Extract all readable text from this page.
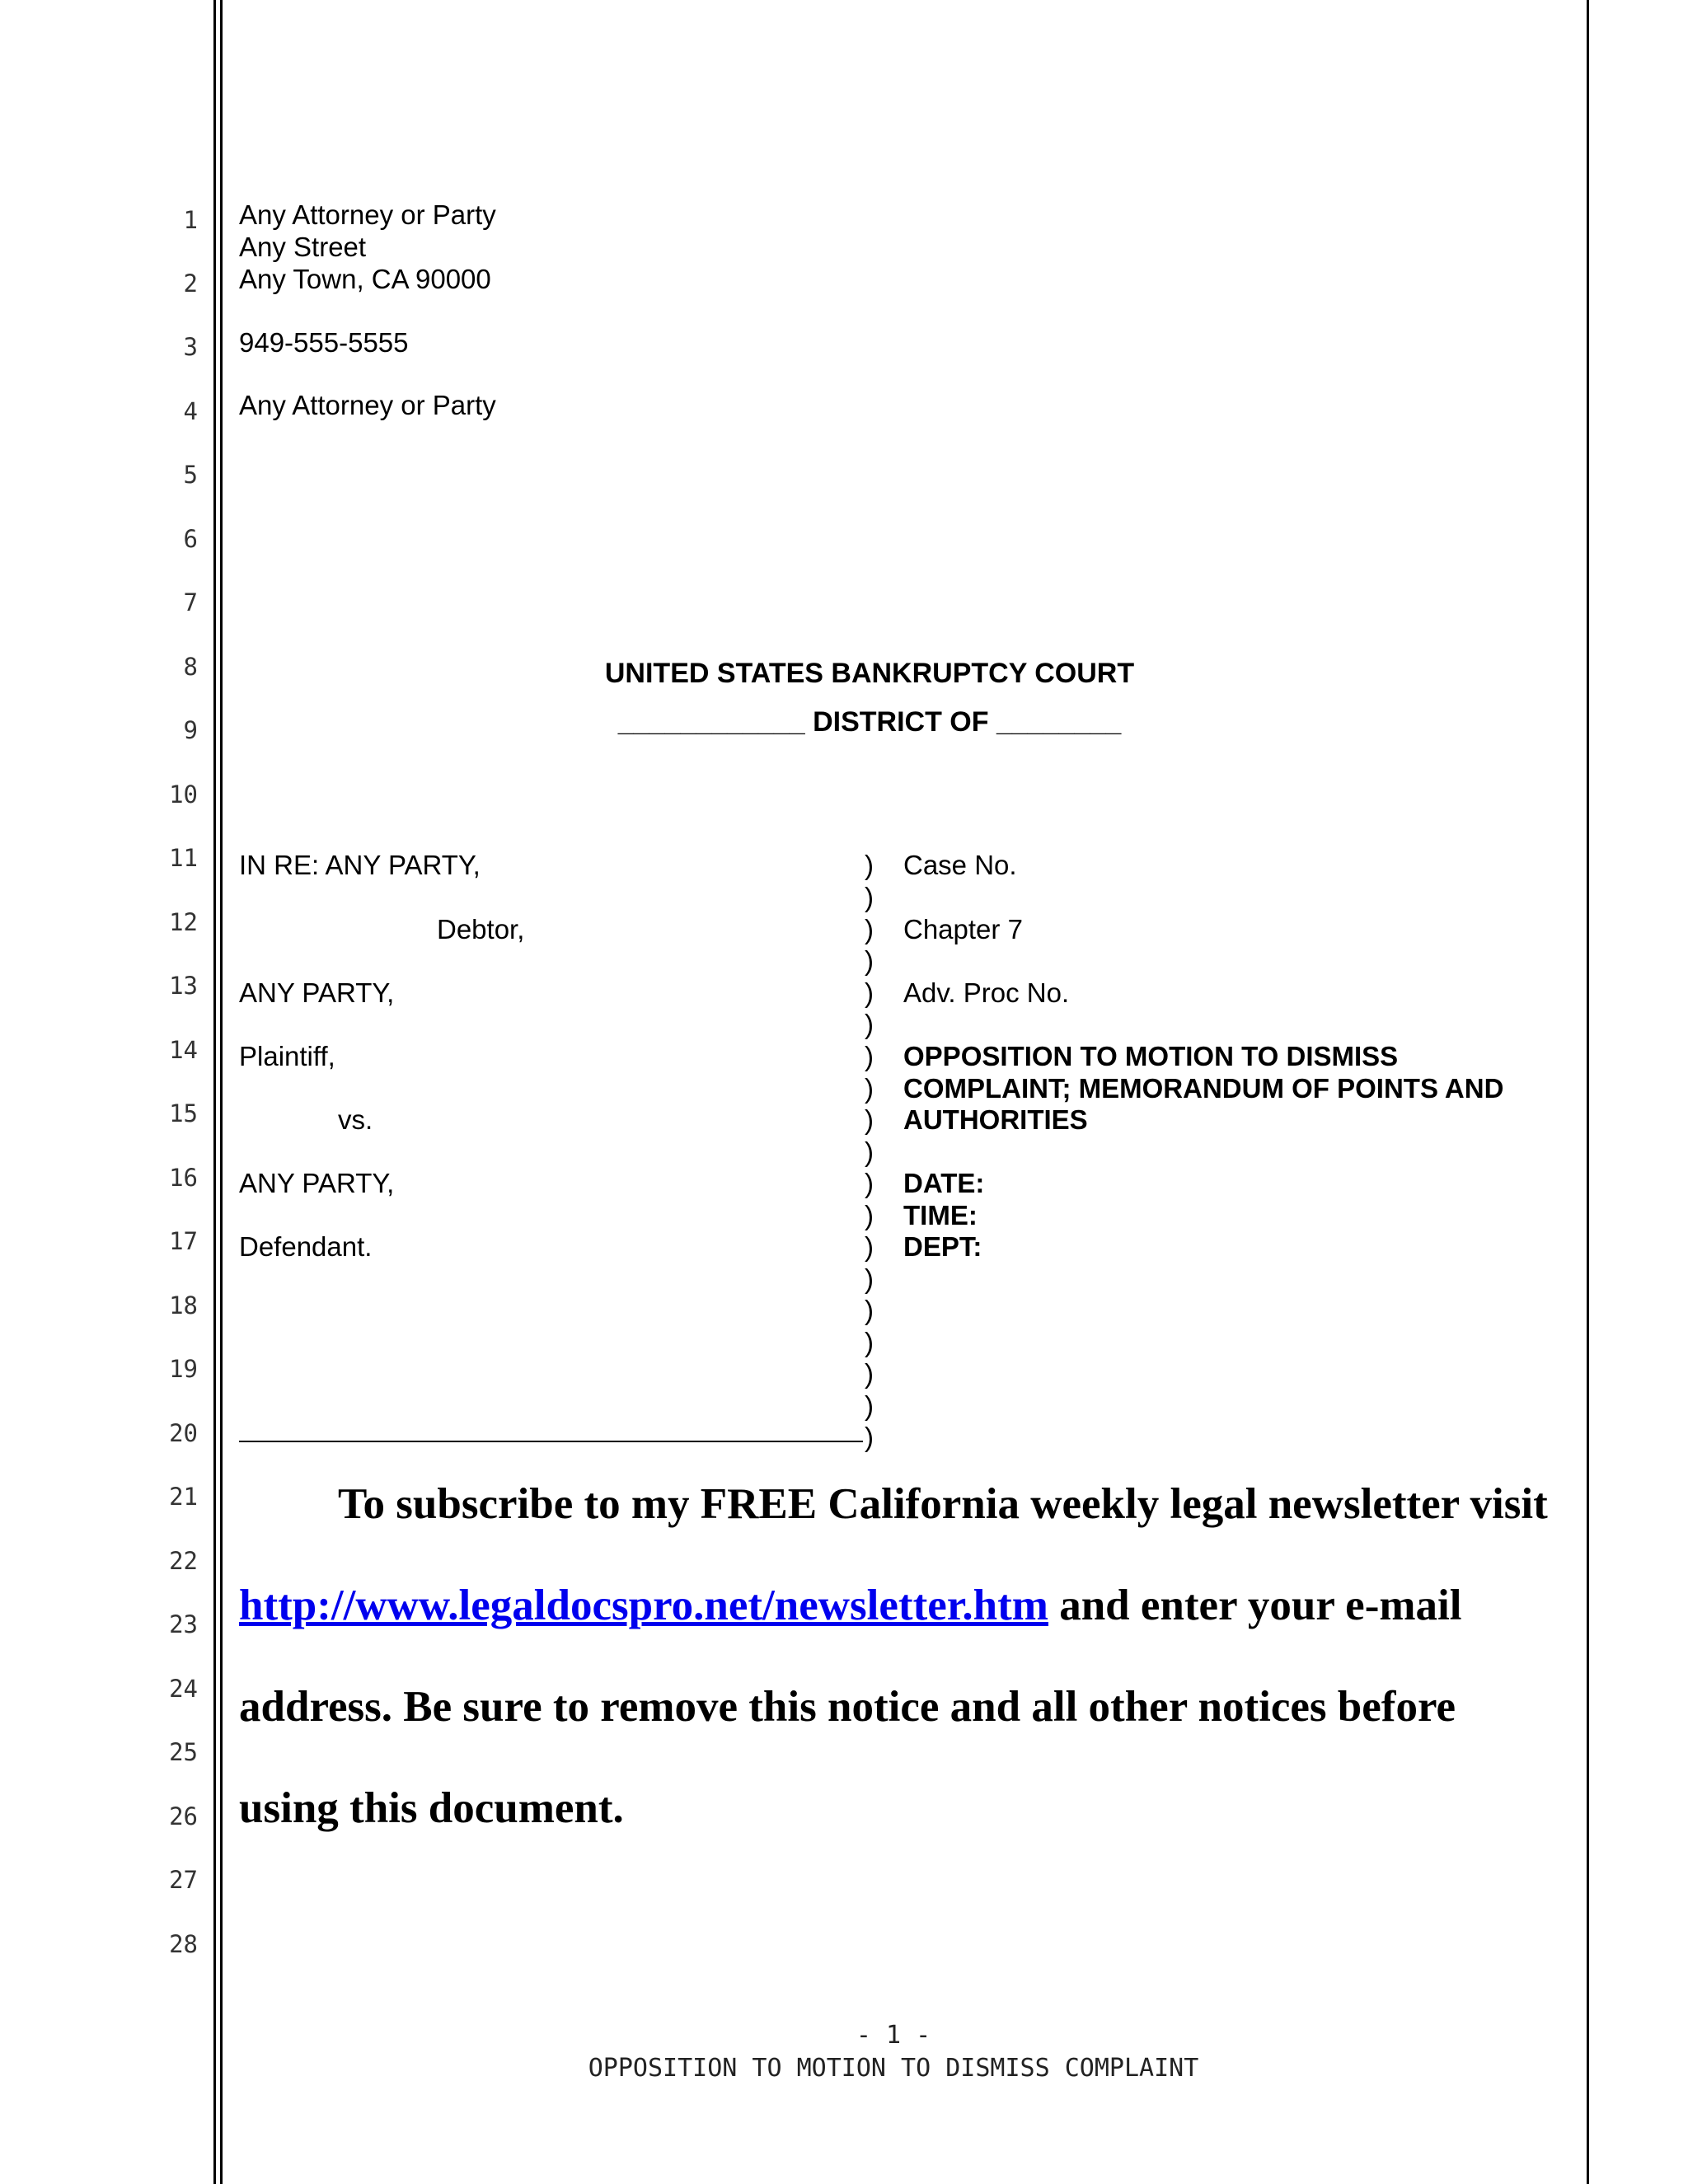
1
2
3
4
5
6
7
8
9
10
11
12
13
14
15
16
17
18
19
20
21
22
23
24
25
26
27
28
Any Attorney or Party
Any Street
Any Town, CA 90000
949-555-5555
Any Attorney or Party
UNITED STATES BANKRUPTCY COURT
____________ DISTRICT OF ________
IN RE: ANY PARTY,
Debtor,
ANY PARTY,
Plaintiff,
vs.
ANY PARTY,
Defendant.
)
)
)
)
)
)
)
)
)
)
)
)
)
)
)
)
)
)
)
Case No.
Chapter 7
Adv. Proc No.
OPPOSITION TO MOTION TO DISMISS
COMPLAINT; MEMORANDUM OF POINTS AND
AUTHORITIES
DATE:
TIME:
DEPT:
To subscribe to my FREE California weekly legal newsletter visit
http://www.legaldocspro.net/newsletter.htm and enter your e-mail
address. Be sure to remove this notice and all other notices before
using this document.
- 1 -
OPPOSITION TO MOTION TO DISMISS COMPLAINT
